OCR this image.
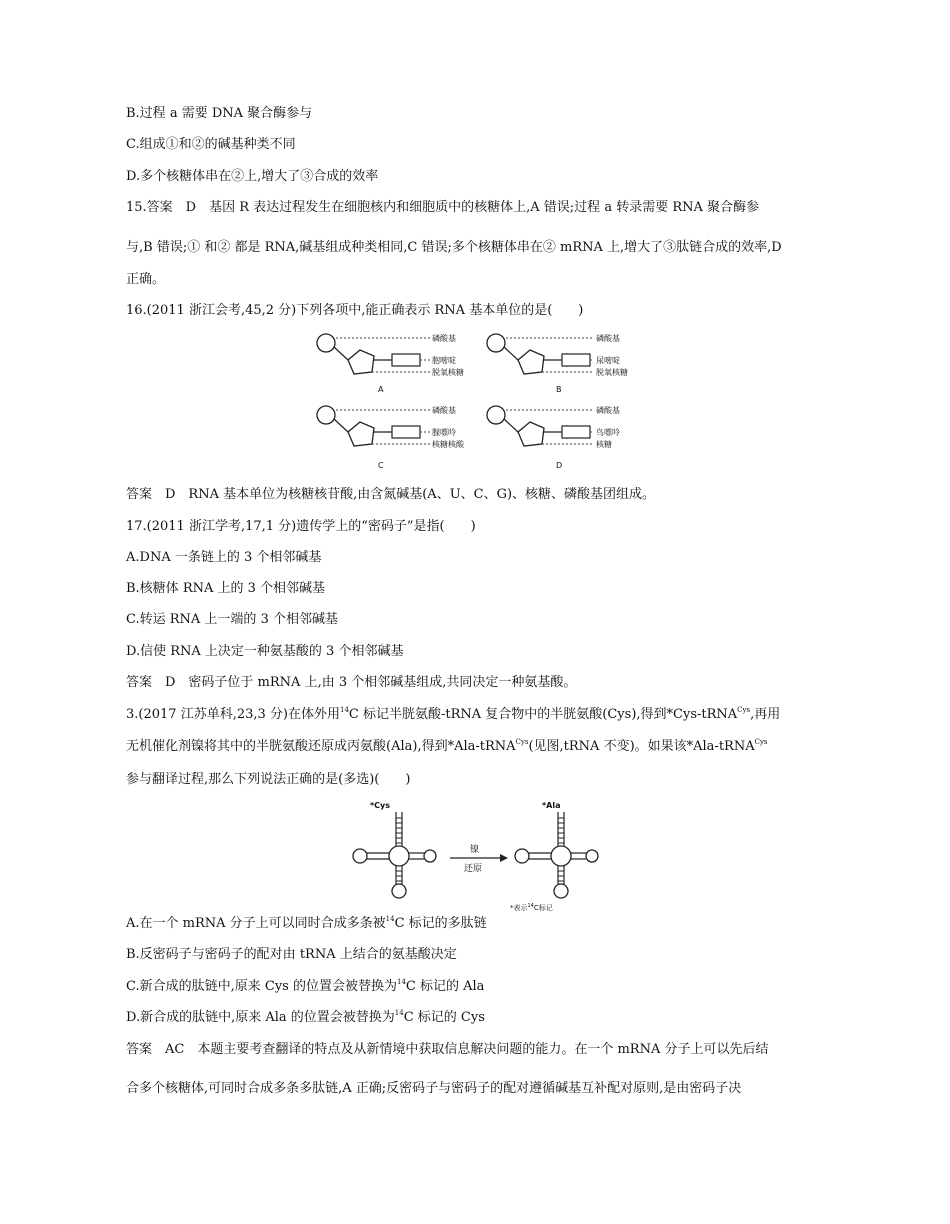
B.过程 a 需要 DNA 聚合酶参与
C.组成①和②的碱基种类不同
D.多个核糖体串在②上,增大了③合成的效率
15.答案　D　基因 R 表达过程发生在细胞核内和细胞质中的核糖体上,A 错误;过程 a 转录需要 RNA 聚合酶参
与,B 错误;① 和② 都是 RNA,碱基组成种类相同,C 错误;多个核糖体串在② mRNA 上,增大了③肽链合成的效率,D
正确。
16.(2011 浙江会考,45,2 分)下列各项中,能正确表示 RNA 基本单位的是(　　)
磷酸基
胞嘧啶
脱氧核糖
A
磷酸基
尿嘧啶
脱氧核糖
B
磷酸基
腺嘌呤
核糖核酸
C
磷酸基
鸟嘌呤
核糖
D
答案　D　RNA 基本单位为核糖核苷酸,由含氮碱基(A、U、C、G)、核糖、磷酸基团组成。
17.(2011 浙江学考,17,1 分)遗传学上的“密码子”是指(　　)
A.DNA 一条链上的 3 个相邻碱基
B.核糖体 RNA 上的 3 个相邻碱基
C.转运 RNA 上一端的 3 个相邻碱基
D.信使 RNA 上决定一种氨基酸的 3 个相邻碱基
答案　D　密码子位于 mRNA 上,由 3 个相邻碱基组成,共同决定一种氨基酸。
3.(2017 江苏单科,23,3 分)在体外用$^{14}$C 标记半胱氨酸-tRNA 复合物中的半胱氨酸(Cys),得到*Cys-tRNA$^{Cys}$,再用
无机催化剂镍将其中的半胱氨酸还原成丙氨酸(Ala),得到*Ala-tRNA$^{Cys}$(见图,tRNA 不变)。如果该*Ala-tRNA$^{Cys}$
参与翻译过程,那么下列说法正确的是(多选)(　　)
*Cys
镍
还原
*Ala
*表示$^{14}$C标记
A.在一个 mRNA 分子上可以同时合成多条被$^{14}$C 标记的多肽链
B.反密码子与密码子的配对由 tRNA 上结合的氨基酸决定
C.新合成的肽链中,原来 Cys 的位置会被替换为$^{14}$C 标记的 Ala
D.新合成的肽链中,原来 Ala 的位置会被替换为$^{14}$C 标记的 Cys
答案　AC　本题主要考查翻译的特点及从新情境中获取信息解决问题的能力。在一个 mRNA 分子上可以先后结
合多个核糖体,可同时合成多条多肽链,A 正确;反密码子与密码子的配对遵循碱基互补配对原则,是由密码子决
